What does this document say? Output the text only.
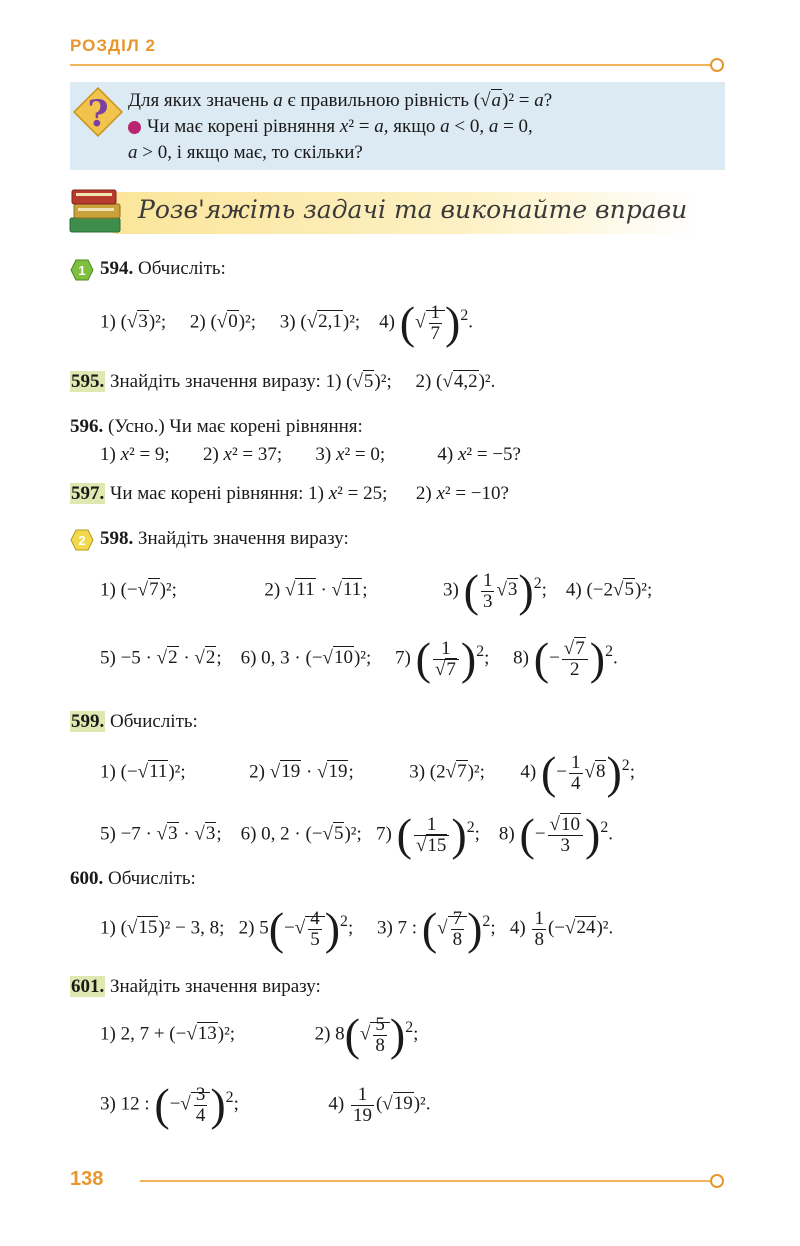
РОЗДІЛ 2
? Для яких значень a є правильною рівність (√a)² = a?
Чи має корені рівняння x² = a, якщо a < 0, a = 0,
a > 0, і якщо має, то скільки?
Розв'яжіть задачі та виконайте вправи
1 594. Обчисліть:
1) (√3)²;     2) (√0)²;     3) (√2,1)²;    4) (√ $\frac{1}{7} )^2$.
595. Знайдіть значення виразу: 1) (√5)²;     2) (√4,2)².
596. (Усно.) Чи має корені рівняння:
1) x² = 9;       2) x² = 37;       3) x² = 0;           4) x² = −5?
597. Чи має корені рівняння: 1) x² = 25;      2) x² = −10?
2 598. Знайдіть значення виразу:
1) (−√7)²;	2) √11 · √11;	3) ( $\frac{1}{3} √3)^2$;    4) (−2√5)²;
5) −5 · √2 · √2;    6) 0, 3 · (−√10)²;     7) ( $\frac{1}{√7} )^2$;     8) (− $\frac{√7}{2} )^2$.
599. Обчисліть:
1) (−√11)²;	2) √19 · √19;  3) (2√7)²;  4) (− $\frac{1}{4} √8)^2$;
5) −7 · √3 · √3;    6) 0, 2 · (−√5)²;   7) ( $\frac{1}{√15} )^2$;    8) (− $\frac{√10}{3} )^2$.
600. Обчисліть:
1) (√15)² − 3, 8;   2) $5(-√ \frac{4}{5} )^2$;     3) 7 : (√ $\frac{7}{8} )^2$;   $4) \frac{1}{8} (-√24)^2$.
601. Знайдіть значення виразу:
1) 2, 7 + (−√13)²;	2) $8(√ \frac{5}{8} )^2$;
3) 12 : (−√ $\frac{3}{4} )^2$;	$4) \frac{1}{19} (√19)^2$.
138
